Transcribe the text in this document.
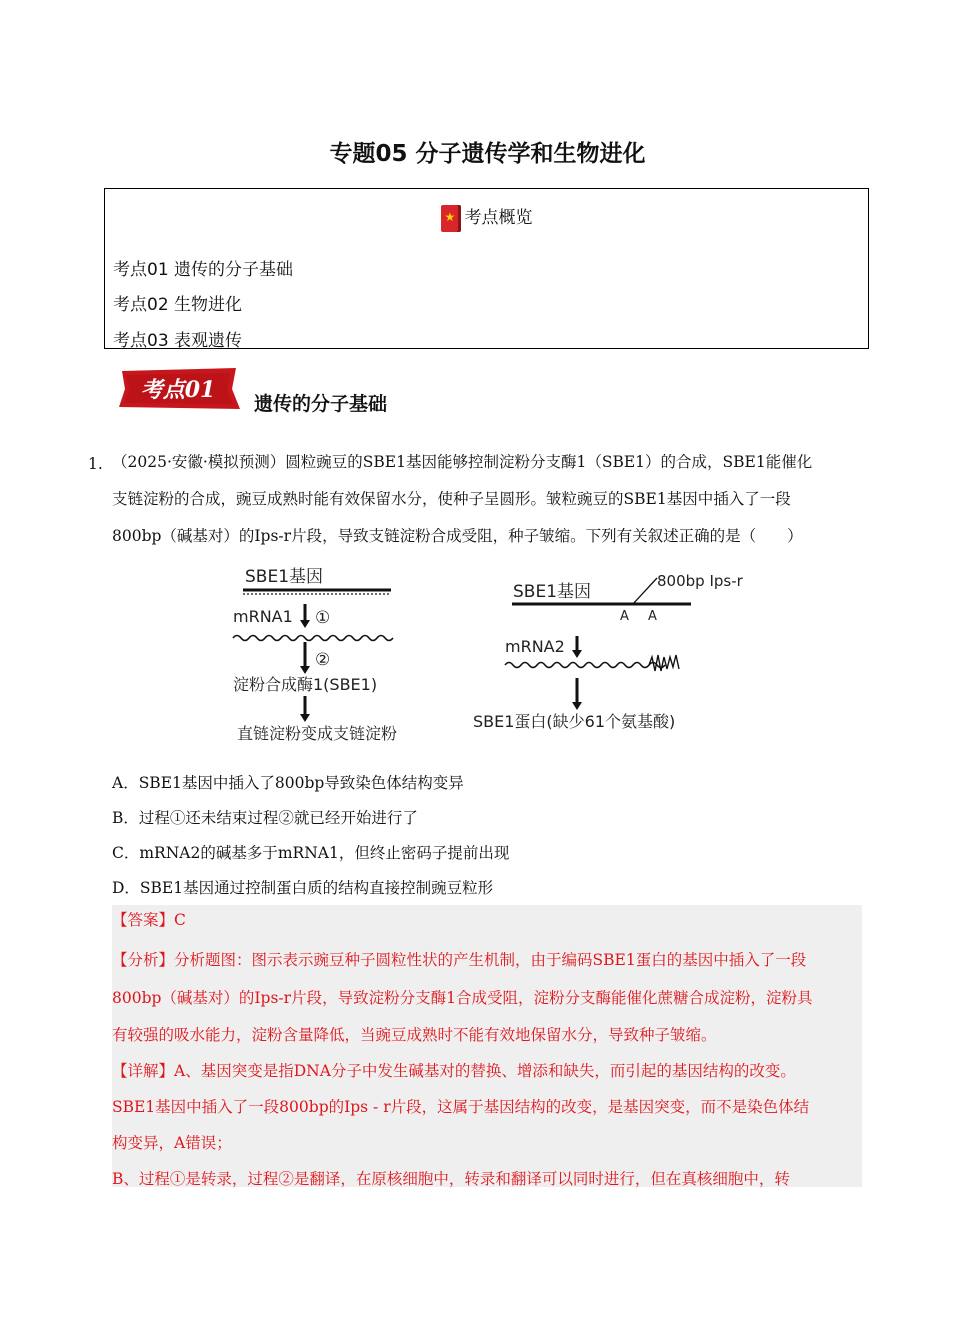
专题05 分子遗传学和生物进化
★ 考点概览
考点01 遗传的分子基础
考点02 生物进化
考点03 表观遗传
考点01
遗传的分子基础
1. （2025·安徽·模拟预测）圆粒豌豆的SBE1基因能够控制淀粉分支酶1（SBE1）的合成，SBE1能催化
支链淀粉的合成，豌豆成熟时能有效保留水分，使种子呈圆形。皱粒豌豆的SBE1基因中插入了一段
800bp（碱基对）的Ips-r片段，导致支链淀粉合成受阻，种子皱缩。下列有关叙述正确的是（　　）
SBE1基因
mRNA1 ①
②
淀粉合成酶1(SBE1)
直链淀粉变成支链淀粉
SBE1基因
800bp Ips-r
A A
mRNA2
SBE1蛋白(缺少61个氨基酸)
A．SBE1基因中插入了800bp导致染色体结构变异
B．过程①还未结束过程②就已经开始进行了
C．mRNA2的碱基多于mRNA1，但终止密码子提前出现
D．SBE1基因通过控制蛋白质的结构直接控制豌豆粒形
【答案】C
【分析】分析题图：图示表示豌豆种子圆粒性状的产生机制，由于编码SBE1蛋白的基因中插入了一段
800bp（碱基对）的Ips-r片段，导致淀粉分支酶1合成受阻，淀粉分支酶能催化蔗糖合成淀粉，淀粉具
有较强的吸水能力，淀粉含量降低，当豌豆成熟时不能有效地保留水分，导致种子皱缩。
【详解】A、基因突变是指DNA分子中发生碱基对的替换、增添和缺失，而引起的基因结构的改变。
SBE1基因中插入了一段800bp的Ips - r片段，这属于基因结构的改变，是基因突变，而不是染色体结
构变异，A错误；
B、过程①是转录，过程②是翻译，在原核细胞中，转录和翻译可以同时进行，但在真核细胞中，转
